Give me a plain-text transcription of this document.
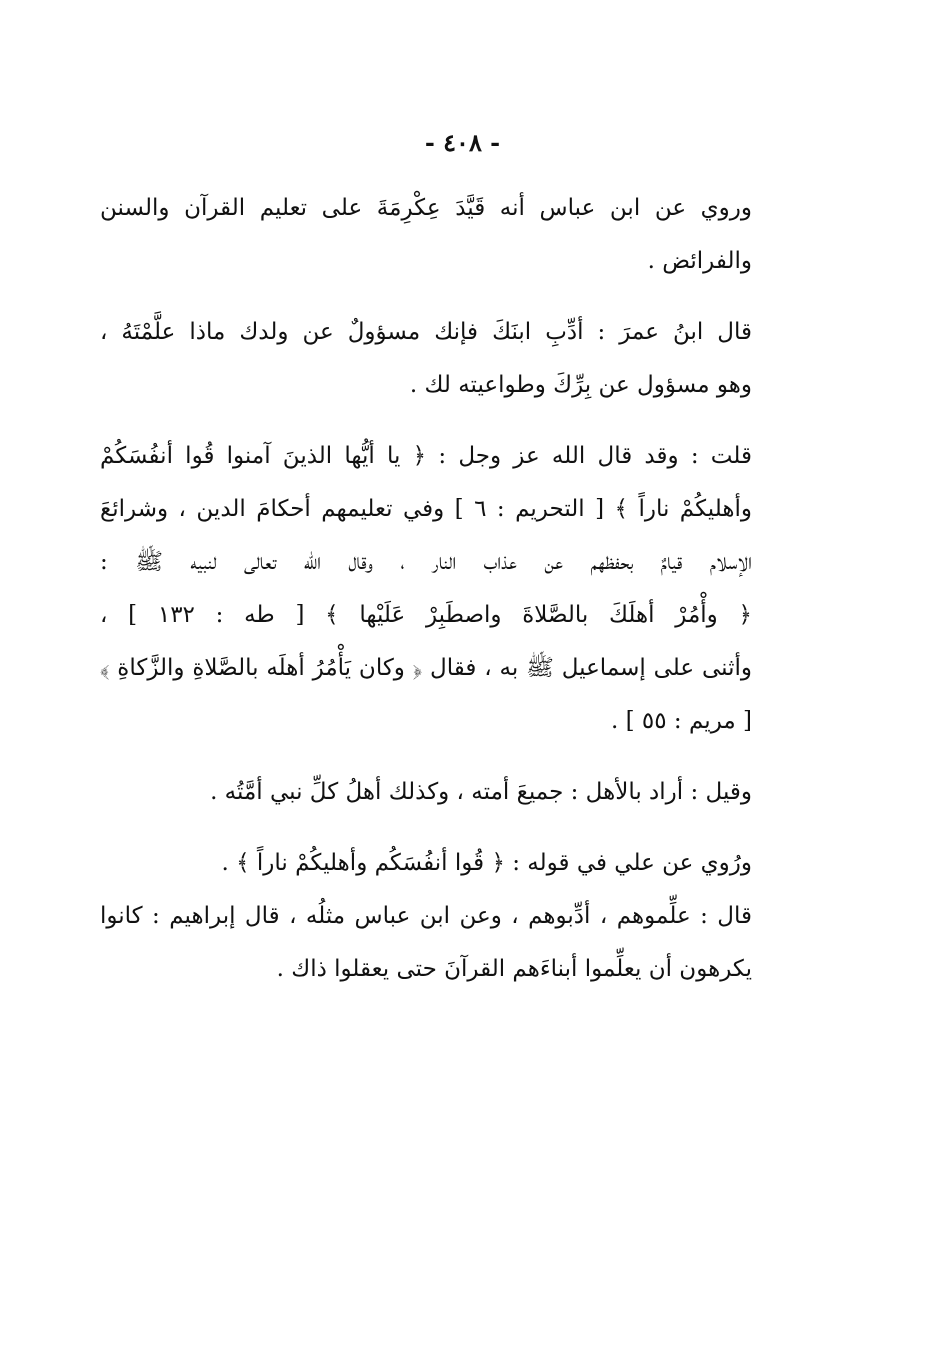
- ٤٠٨ -
وروي عن ابن عباس أنه قَيَّدَ عِكْرِمَةَ على تعليم القرآن والسنن
والفرائض .
قال ابنُ عمرَ : أدِّبِ ابنَكَ فإنك مسؤولٌ عن ولدك ماذا علَّمْتَهُ ،
وهو مسؤول عن بِرِّكَ وطواعيته لك .
قلت : وقد قال الله عز وجل : ﴿ يا أيُّها الذينَ آمنوا قُوا أنفُسَكُمْ
وأهليكُمْ ناراً ﴾ [ التحريم : ٦ ] وفي تعليمهم أحكامَ الدين ، وشرائعَ
الإسلام قيامٌ بحفظهم عن عذاب النار ، وقال الله تعالى لنبيه ﷺ :
﴿ وأْمُرْ أهلَكَ بالصَّلاةَ واصطَبِرْ عَلَيْها ﴾ [ طه : ١٣٢ ] ،
وأثنى على إسماعيل ﷺ به ، فقال ﴿ وكان يَأْمُرُ أهلَه بالصَّلاةِ والزَّكاةِ ﴾
[ مريم : ٥٥ ] .
وقيل : أراد بالأهل : جميعَ أمته ، وكذلك أهلُ كلِّ نبي أمَّتُه .
ورُوي عن علي في قوله : ﴿ قُوا أنفُسَكُم وأهليكُمْ ناراً ﴾ .
قال : علِّموهم ، أدِّبوهم ، وعن ابن عباس مثلُه ، قال إبراهيم : كانوا
يكرهون أن يعلِّموا أبناءَهم القرآنَ حتى يعقلوا ذاك .
